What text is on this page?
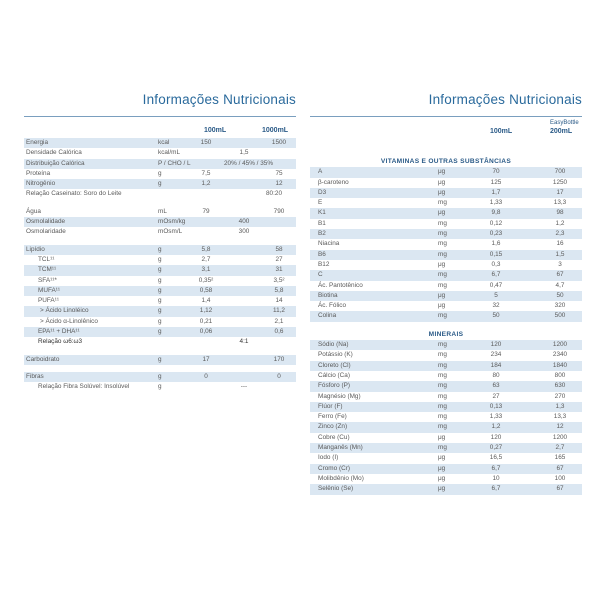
Informações Nutricionais
100mL	1000mL
Energia	kcal	150	1500
Densidade Calórica	kcal/mL	1,5
Distribuição Calórica	P / CHO / L	20% / 45% / 35%
Proteína	g	7,5	75
Nitrogênio	g	1,2	12
Relação Caseinato: Soro do Leite	80:20
Água	mL	79	790
Osmolalidade	mOsm/kg	400
Osmolaridade	mOsm/L	300
Lipídio	g	5,8	58
TCL¹¹	g	2,7	27
TCM¹¹	g	3,1	31
SFA¹¹*	g	0,35²	3,5²
MUFA¹¹	g	0,58	5,8
PUFA¹¹	g	1,4	14
> Ácido Linoléico	g	1,12	11,2
> Ácido α-Linolênico	g	0,21	2,1
EPA¹¹ + DHA¹¹	g	0,06	0,6
Relação ω6:ω3	4:1
Carboidrato	g	17	170
Fibras	g	0	0
Relação Fibra Solúvel: Insolúvel	g	---
Informações Nutricionais
100mL
EasyBottle
200mL
VITAMINAS E OUTRAS SUBSTÂNCIAS
A	μg	70	700
β-caroteno	μg	125	1250
D3	μg	1,7	17
E	mg	1,33	13,3
K1	μg	9,8	98
B1	mg	0,12	1,2
B2	mg	0,23	2,3
Niacina	mg	1,6	16
B6	mg	0,15	1,5
B12	μg	0,3	3
C	mg	6,7	67
Ác. Pantotênico	mg	0,47	4,7
Biotina	μg	5	50
Ác. Fólico	μg	32	320
Colina	mg	50	500
MINERAIS
Sódio (Na)	mg	120	1200
Potássio (K)	mg	234	2340
Cloreto (Cl)	mg	184	1840
Cálcio (Ca)	mg	80	800
Fósforo (P)	mg	63	630
Magnésio (Mg)	mg	27	270
Flúor (F)	mg	0,13	1,3
Ferro (Fe)	mg	1,33	13,3
Zinco (Zn)	mg	1,2	12
Cobre (Cu)	μg	120	1200
Manganês (Mn)	mg	0,27	2,7
Iodo (I)	μg	16,5	165
Cromo (Cr)	μg	6,7	67
Molibdênio (Mo)	μg	10	100
Selênio (Se)	μg	6,7	67
